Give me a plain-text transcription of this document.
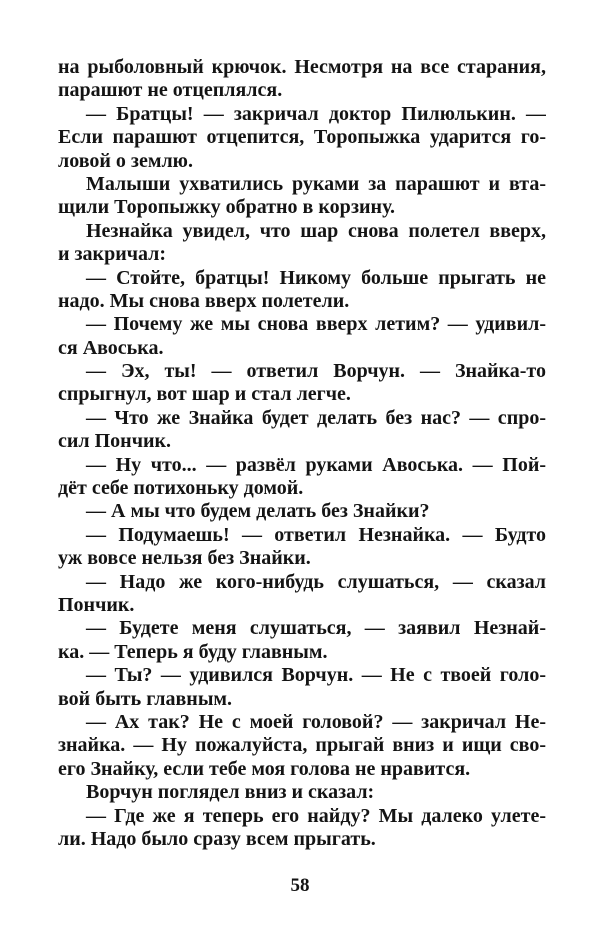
на рыболовный крючок. Несмотря на все старания,
парашют не отцеплялся.
— Братцы! — закричал доктор Пилюлькин. —
Если парашют отцепится, Торопыжка ударится го-
ловой о землю.
Малыши ухватились руками за парашют и вта-
щили Торопыжку обратно в корзину.
Незнайка увидел, что шар снова полетел вверх,
и закричал:
— Стойте, братцы! Никому больше прыгать не
надо. Мы снова вверх полетели.
— Почему же мы снова вверх летим? — удивил-
ся Авоська.
— Эх, ты! — ответил Ворчун. — Знайка-то
спрыгнул, вот шар и стал легче.
— Что же Знайка будет делать без нас? — спро-
сил Пончик.
— Ну что... — развёл руками Авоська. — Пой-
дёт себе потихоньку домой.
— А мы что будем делать без Знайки?
— Подумаешь! — ответил Незнайка. — Будто
уж вовсе нельзя без Знайки.
— Надо же кого-нибудь слушаться, — сказал
Пончик.
— Будете меня слушаться, — заявил Незнай-
ка. — Теперь я буду главным.
— Ты? — удивился Ворчун. — Не с твоей голо-
вой быть главным.
— Ах так? Не с моей головой? — закричал Не-
знайка. — Ну пожалуйста, прыгай вниз и ищи сво-
его Знайку, если тебе моя голова не нравится.
Ворчун поглядел вниз и сказал:
— Где же я теперь его найду? Мы далеко улете-
ли. Надо было сразу всем прыгать.
58
